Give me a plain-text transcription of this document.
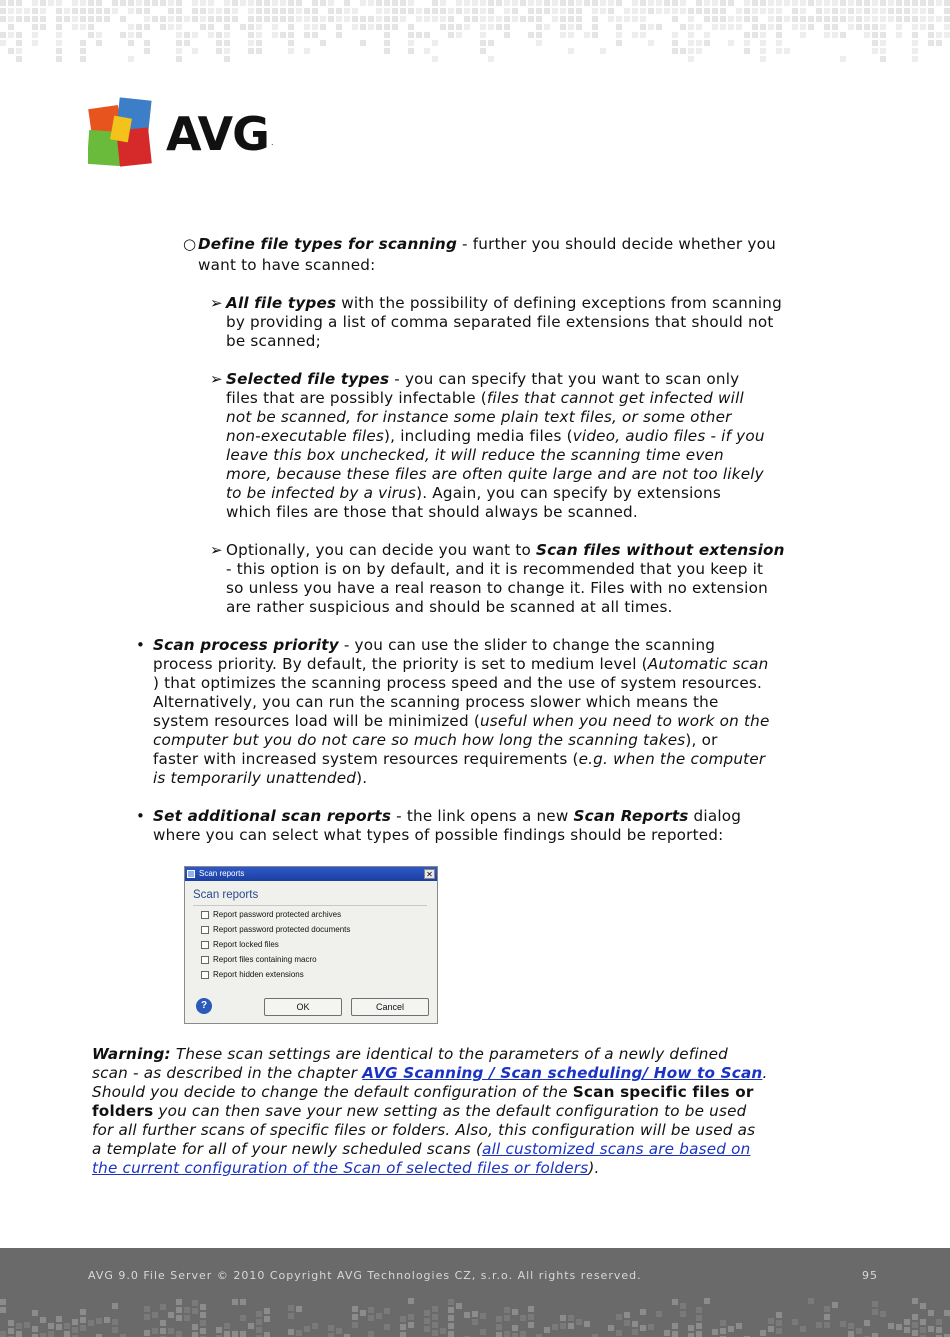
AVG .
○ Define file types for scanning - further you should decide whether you

want to have scanned:

➢ All file types with the possibility of defining exceptions from scanning

by providing a list of comma separated file extensions that should not

be scanned;

➢ Selected file types - you can specify that you want to scan only

files that are possibly infectable (files that cannot get infected will

not be scanned, for instance some plain text files, or some other

non-executable files), including media files (video, audio files - if you

leave this box unchecked, it will reduce the scanning time even

more, because these files are often quite large and are not too likely

to be infected by a virus). Again, you can specify by extensions

which files are those that should always be scanned.

➢ Optionally, you can decide you want to Scan files without extension

- this option is on by default, and it is recommended that you keep it

so unless you have a real reason to change it. Files with no extension

are rather suspicious and should be scanned at all times.

• Scan process priority - you can use the slider to change the scanning

process priority. By default, the priority is set to medium level (Automatic scan

) that optimizes the scanning process speed and the use of system resources.

Alternatively, you can run the scanning process slower which means the

system resources load will be minimized (useful when you need to work on the

computer but you do not care so much how long the scanning takes), or

faster with increased system resources requirements (e.g. when the computer

is temporarily unattended).

• Set additional scan reports - the link opens a new Scan Reports dialog

where you can select what types of possible findings should be reported:

Scan reports	✕
Scan reports
Report password protected archives
Report password protected documents
Report locked files
Report files containing macro
Report hidden extensions
?	OK	Cancel

Warning: These scan settings are identical to the parameters of a newly defined

scan - as described in the chapter AVG Scanning / Scan scheduling/ How to Scan.

Should you decide to change the default configuration of the Scan specific files or

folders you can then save your new setting as the default configuration to be used

for all further scans of specific files or folders. Also, this configuration will be used as

a template for all of your newly scheduled scans (all customized scans are based on

the current configuration of the Scan of selected files or folders).

AVG 9.0 File Server © 2010 Copyright AVG Technologies CZ, s.r.o. All rights reserved.	95
